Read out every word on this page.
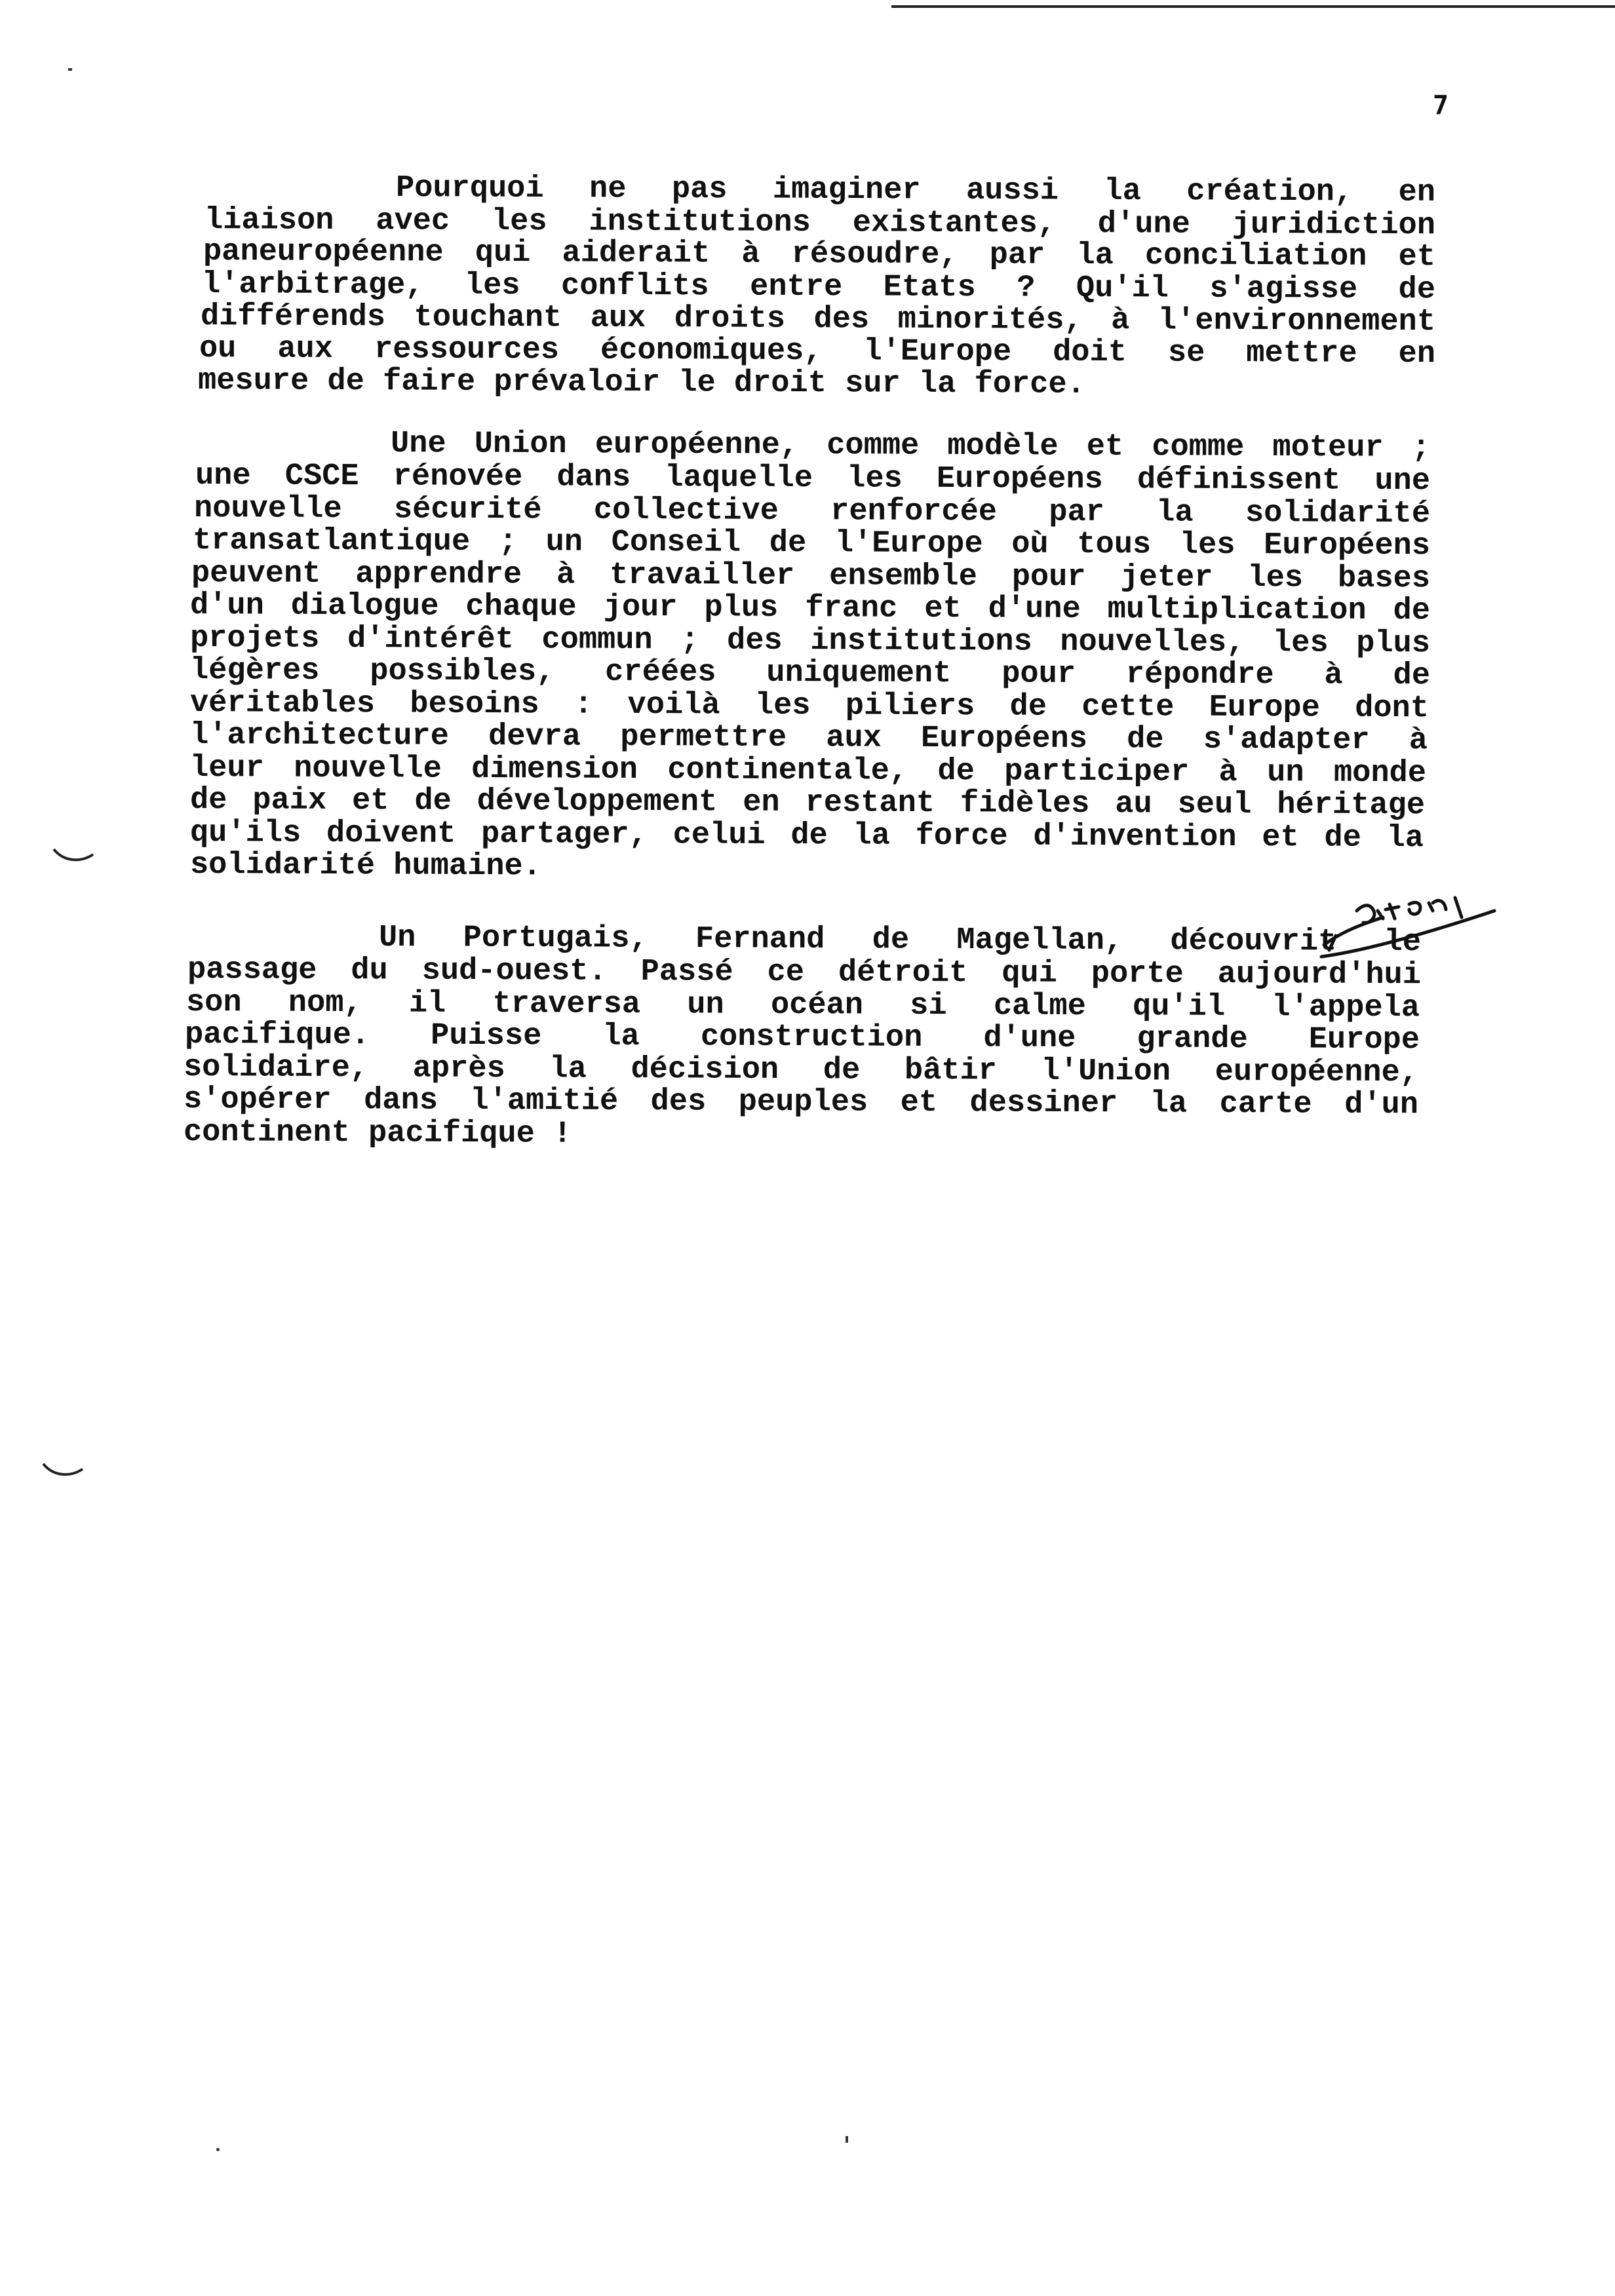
7
Pourquoi ne pas imaginer aussi la création, en
liaison avec les institutions existantes, d'une juridiction
paneuropéenne qui aiderait à résoudre, par la conciliation et
l'arbitrage, les conflits entre Etats ? Qu'il s'agisse de
différends touchant aux droits des minorités, à l'environnement
ou aux ressources économiques, l'Europe doit se mettre en
mesure de faire prévaloir le droit sur la force.
Une Union européenne, comme modèle et comme moteur ;
une CSCE rénovée dans laquelle les Européens définissent une
nouvelle sécurité collective renforcée par la solidarité
transatlantique ; un Conseil de l'Europe où tous les Européens
peuvent apprendre à travailler ensemble pour jeter les bases
d'un dialogue chaque jour plus franc et d'une multiplication de
projets d'intérêt commun ; des institutions nouvelles, les plus
légères possibles, créées uniquement pour répondre à de
véritables besoins : voilà les piliers de cette Europe dont
l'architecture devra permettre aux Européens de s'adapter à
leur nouvelle dimension continentale, de participer à un monde
de paix et de développement en restant fidèles au seul héritage
qu'ils doivent partager, celui de la force d'invention et de la
solidarité humaine.
Un Portugais, Fernand de Magellan, découvrit le
passage du sud-ouest. Passé ce détroit qui porte aujourd'hui
son nom, il traversa un océan si calme qu'il l'appela
pacifique. Puisse la construction d'une grande Europe
solidaire, après la décision de bâtir l'Union européenne,
s'opérer dans l'amitié des peuples et dessiner la carte d'un
continent pacifique !
